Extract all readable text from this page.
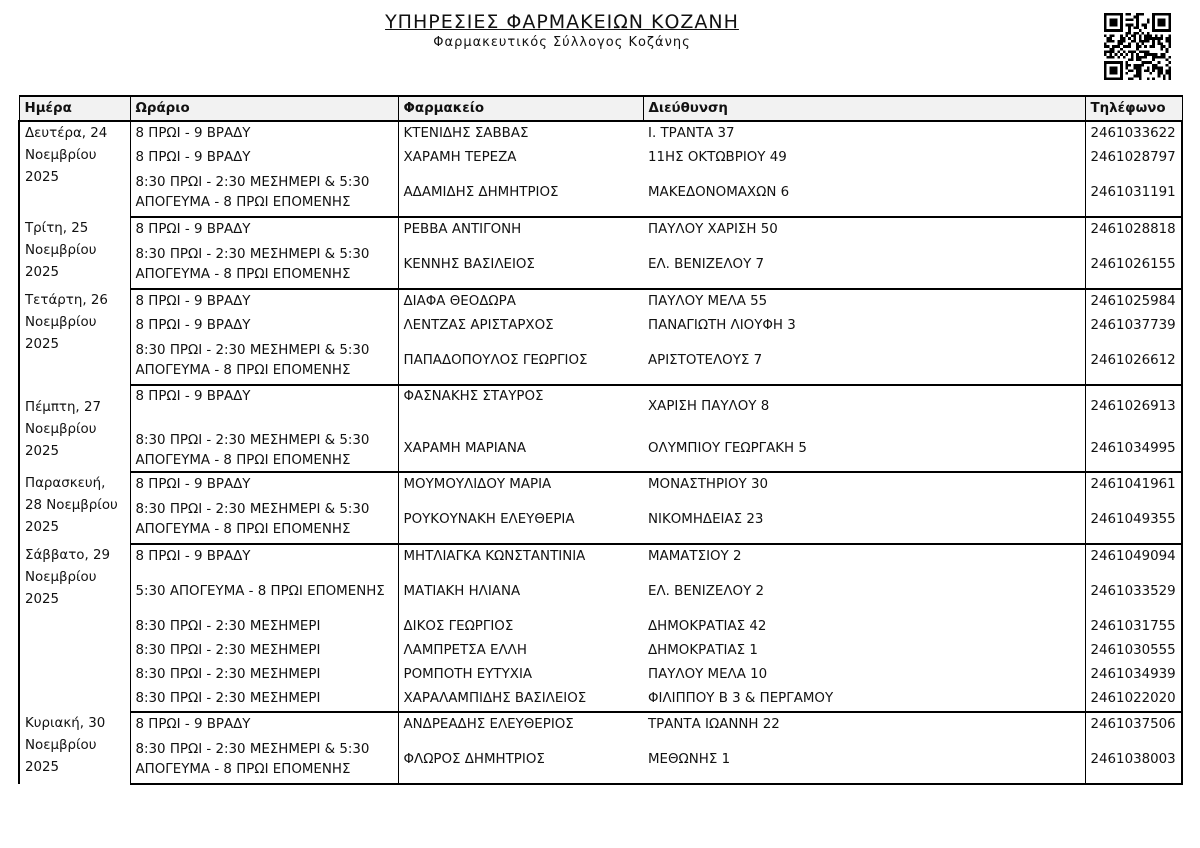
ΥΠΗΡΕΣΙΕΣ ΦΑΡΜΑΚΕΙΩΝ ΚΟΖΑΝΗ
Φαρμακευτικός Σύλλογος Κοζάνης
Ημέρα	Ωράριο	Φαρμακείο	Διεύθυνση	Τηλέφωνο
Δευτέρα, 24 Νοεμβρίου 2025	8 ΠΡΩΙ - 9 ΒΡΑΔΥ	ΚΤΕΝΙΔΗΣ ΣΑΒΒΑΣ	Ι. ΤΡΑΝΤΑ 37	2461033622
	8 ΠΡΩΙ - 9 ΒΡΑΔΥ	ΧΑΡΑΜΗ ΤΕΡΕΖΑ	11ΗΣ ΟΚΤΩΒΡΙΟΥ 49	2461028797
	8:30 ΠΡΩΙ - 2:30 ΜΕΣΗΜΕΡΙ & 5:30 ΑΠΟΓΕΥΜΑ - 8 ΠΡΩΙ ΕΠΟΜΕΝΗΣ	ΑΔΑΜΙΔΗΣ ΔΗΜΗΤΡΙΟΣ	ΜΑΚΕΔΟΝΟΜΑΧΩΝ 6	2461031191
Τρίτη, 25 Νοεμβρίου 2025	8 ΠΡΩΙ - 9 ΒΡΑΔΥ	ΡΕΒΒΑ ΑΝΤΙΓΟΝΗ	ΠΑΥΛΟΥ ΧΑΡΙΣΗ 50	2461028818
	8:30 ΠΡΩΙ - 2:30 ΜΕΣΗΜΕΡΙ & 5:30 ΑΠΟΓΕΥΜΑ - 8 ΠΡΩΙ ΕΠΟΜΕΝΗΣ	ΚΕΝΝΗΣ ΒΑΣΙΛΕΙΟΣ	ΕΛ. ΒΕΝΙΖΕΛΟΥ 7	2461026155
Τετάρτη, 26 Νοεμβρίου 2025	8 ΠΡΩΙ - 9 ΒΡΑΔΥ	ΔΙΑΦΑ ΘΕΟΔΩΡΑ	ΠΑΥΛΟΥ ΜΕΛΑ 55	2461025984
	8 ΠΡΩΙ - 9 ΒΡΑΔΥ	ΛΕΝΤΖΑΣ ΑΡΙΣΤΑΡΧΟΣ	ΠΑΝΑΓΙΩΤΗ ΛΙΟΥΦΗ 3	2461037739
	8:30 ΠΡΩΙ - 2:30 ΜΕΣΗΜΕΡΙ & 5:30 ΑΠΟΓΕΥΜΑ - 8 ΠΡΩΙ ΕΠΟΜΕΝΗΣ	ΠΑΠΑΔΟΠΟΥΛΟΣ ΓΕΩΡΓΙΟΣ	ΑΡΙΣΤΟΤΕΛΟΥΣ 7	2461026612
Πέμπτη, 27 Νοεμβρίου 2025	8 ΠΡΩΙ - 9 ΒΡΑΔΥ	ΦΑΣΝΑΚΗΣ ΣΤΑΥΡΟΣ	ΧΑΡΙΣΗ ΠΑΥΛΟΥ 8	2461026913
	8:30 ΠΡΩΙ - 2:30 ΜΕΣΗΜΕΡΙ & 5:30 ΑΠΟΓΕΥΜΑ - 8 ΠΡΩΙ ΕΠΟΜΕΝΗΣ	ΧΑΡΑΜΗ ΜΑΡΙΑΝΑ	ΟΛΥΜΠΙΟΥ ΓΕΩΡΓΑΚΗ 5	2461034995
Παρασκευή, 28 Νοεμβρίου 2025	8 ΠΡΩΙ - 9 ΒΡΑΔΥ	ΜΟΥΜΟΥΛΙΔΟΥ ΜΑΡΙΑ	ΜΟΝΑΣΤΗΡΙΟΥ 30	2461041961
	8:30 ΠΡΩΙ - 2:30 ΜΕΣΗΜΕΡΙ & 5:30 ΑΠΟΓΕΥΜΑ - 8 ΠΡΩΙ ΕΠΟΜΕΝΗΣ	ΡΟΥΚΟΥΝΑΚΗ ΕΛΕΥΘΕΡΙΑ	ΝΙΚΟΜΗΔΕΙΑΣ 23	2461049355
Σάββατο, 29 Νοεμβρίου 2025	8 ΠΡΩΙ - 9 ΒΡΑΔΥ	ΜΗΤΛΙΑΓΚΑ ΚΩΝΣΤΑΝΤΙΝΙΑ	ΜΑΜΑΤΣΙΟΥ 2	2461049094
	5:30 ΑΠΟΓΕΥΜΑ - 8 ΠΡΩΙ ΕΠΟΜΕΝΗΣ	ΜΑΤΙΑΚΗ ΗΛΙΑΝΑ	ΕΛ. ΒΕΝΙΖΕΛΟΥ 2	2461033529
	8:30 ΠΡΩΙ - 2:30 ΜΕΣΗΜΕΡΙ	ΔΙΚΟΣ ΓΕΩΡΓΙΟΣ	ΔΗΜΟΚΡΑΤΙΑΣ 42	2461031755
	8:30 ΠΡΩΙ - 2:30 ΜΕΣΗΜΕΡΙ	ΛΑΜΠΡΕΤΣΑ ΕΛΛΗ	ΔΗΜΟΚΡΑΤΙΑΣ 1	2461030555
	8:30 ΠΡΩΙ - 2:30 ΜΕΣΗΜΕΡΙ	ΡΟΜΠΟΤΗ ΕΥΤΥΧΙΑ	ΠΑΥΛΟΥ ΜΕΛΑ 10	2461034939
	8:30 ΠΡΩΙ - 2:30 ΜΕΣΗΜΕΡΙ	ΧΑΡΑΛΑΜΠΙΔΗΣ ΒΑΣΙΛΕΙΟΣ	ΦΙΛΙΠΠΟΥ Β 3 & ΠΕΡΓΑΜΟΥ	2461022020
Κυριακή, 30 Νοεμβρίου 2025	8 ΠΡΩΙ - 9 ΒΡΑΔΥ	ΑΝΔΡΕΑΔΗΣ ΕΛΕΥΘΕΡΙΟΣ	ΤΡΑΝΤΑ ΙΩΑΝΝΗ 22	2461037506
	8:30 ΠΡΩΙ - 2:30 ΜΕΣΗΜΕΡΙ & 5:30 ΑΠΟΓΕΥΜΑ - 8 ΠΡΩΙ ΕΠΟΜΕΝΗΣ	ΦΛΩΡΟΣ ΔΗΜΗΤΡΙΟΣ	ΜΕΘΩΝΗΣ 1	2461038003
